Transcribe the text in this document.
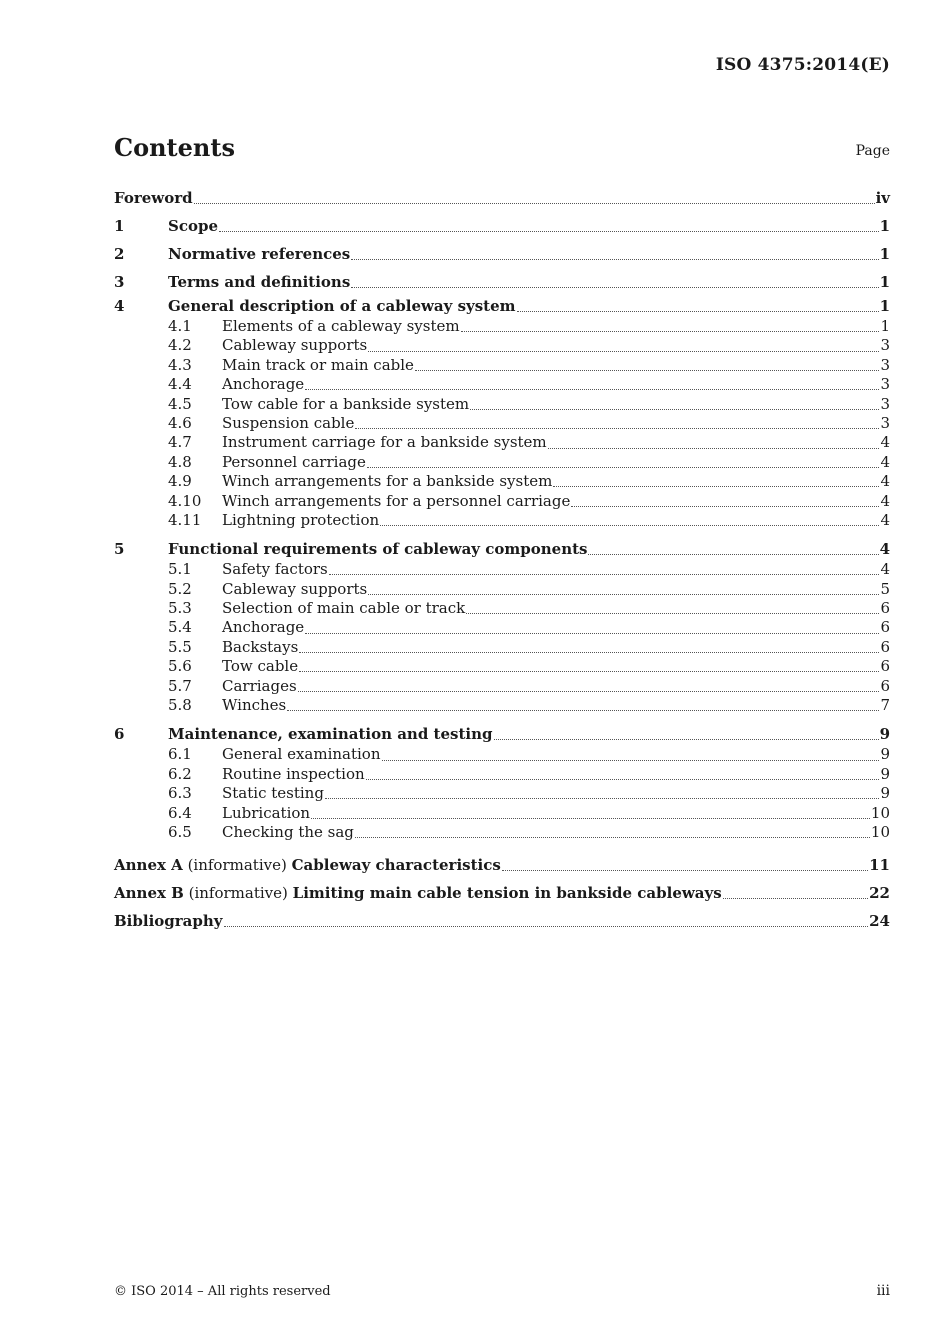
ISO 4375:2014(E)
Contents	Page
Foreword	iv
1	Scope	1
2	Normative references	1
3	Terms and definitions	1
4	General description of a cableway system	1
4.1	Elements of a cableway system	1
4.2	Cableway supports	3
4.3	Main track or main cable	3
4.4	Anchorage	3
4.5	Tow cable for a bankside system	3
4.6	Suspension cable	3
4.7	Instrument carriage for a bankside system	4
4.8	Personnel carriage	4
4.9	Winch arrangements for a bankside system	4
4.10	Winch arrangements for a personnel carriage	4
4.11	Lightning protection	4
5	Functional requirements of cableway components	4
5.1	Safety factors	4
5.2	Cableway supports	5
5.3	Selection of main cable or track	6
5.4	Anchorage	6
5.5	Backstays	6
5.6	Tow cable	6
5.7	Carriages	6
5.8	Winches	7
6	Maintenance, examination and testing	9
6.1	General examination	9
6.2	Routine inspection	9
6.3	Static testing	9
6.4	Lubrication	10
6.5	Checking the sag	10
Annex A (informative) Cableway characteristics	11
Annex B (informative) Limiting main cable tension in bankside cableways	22
Bibliography	24
© ISO 2014 – All rights reserved	iii
